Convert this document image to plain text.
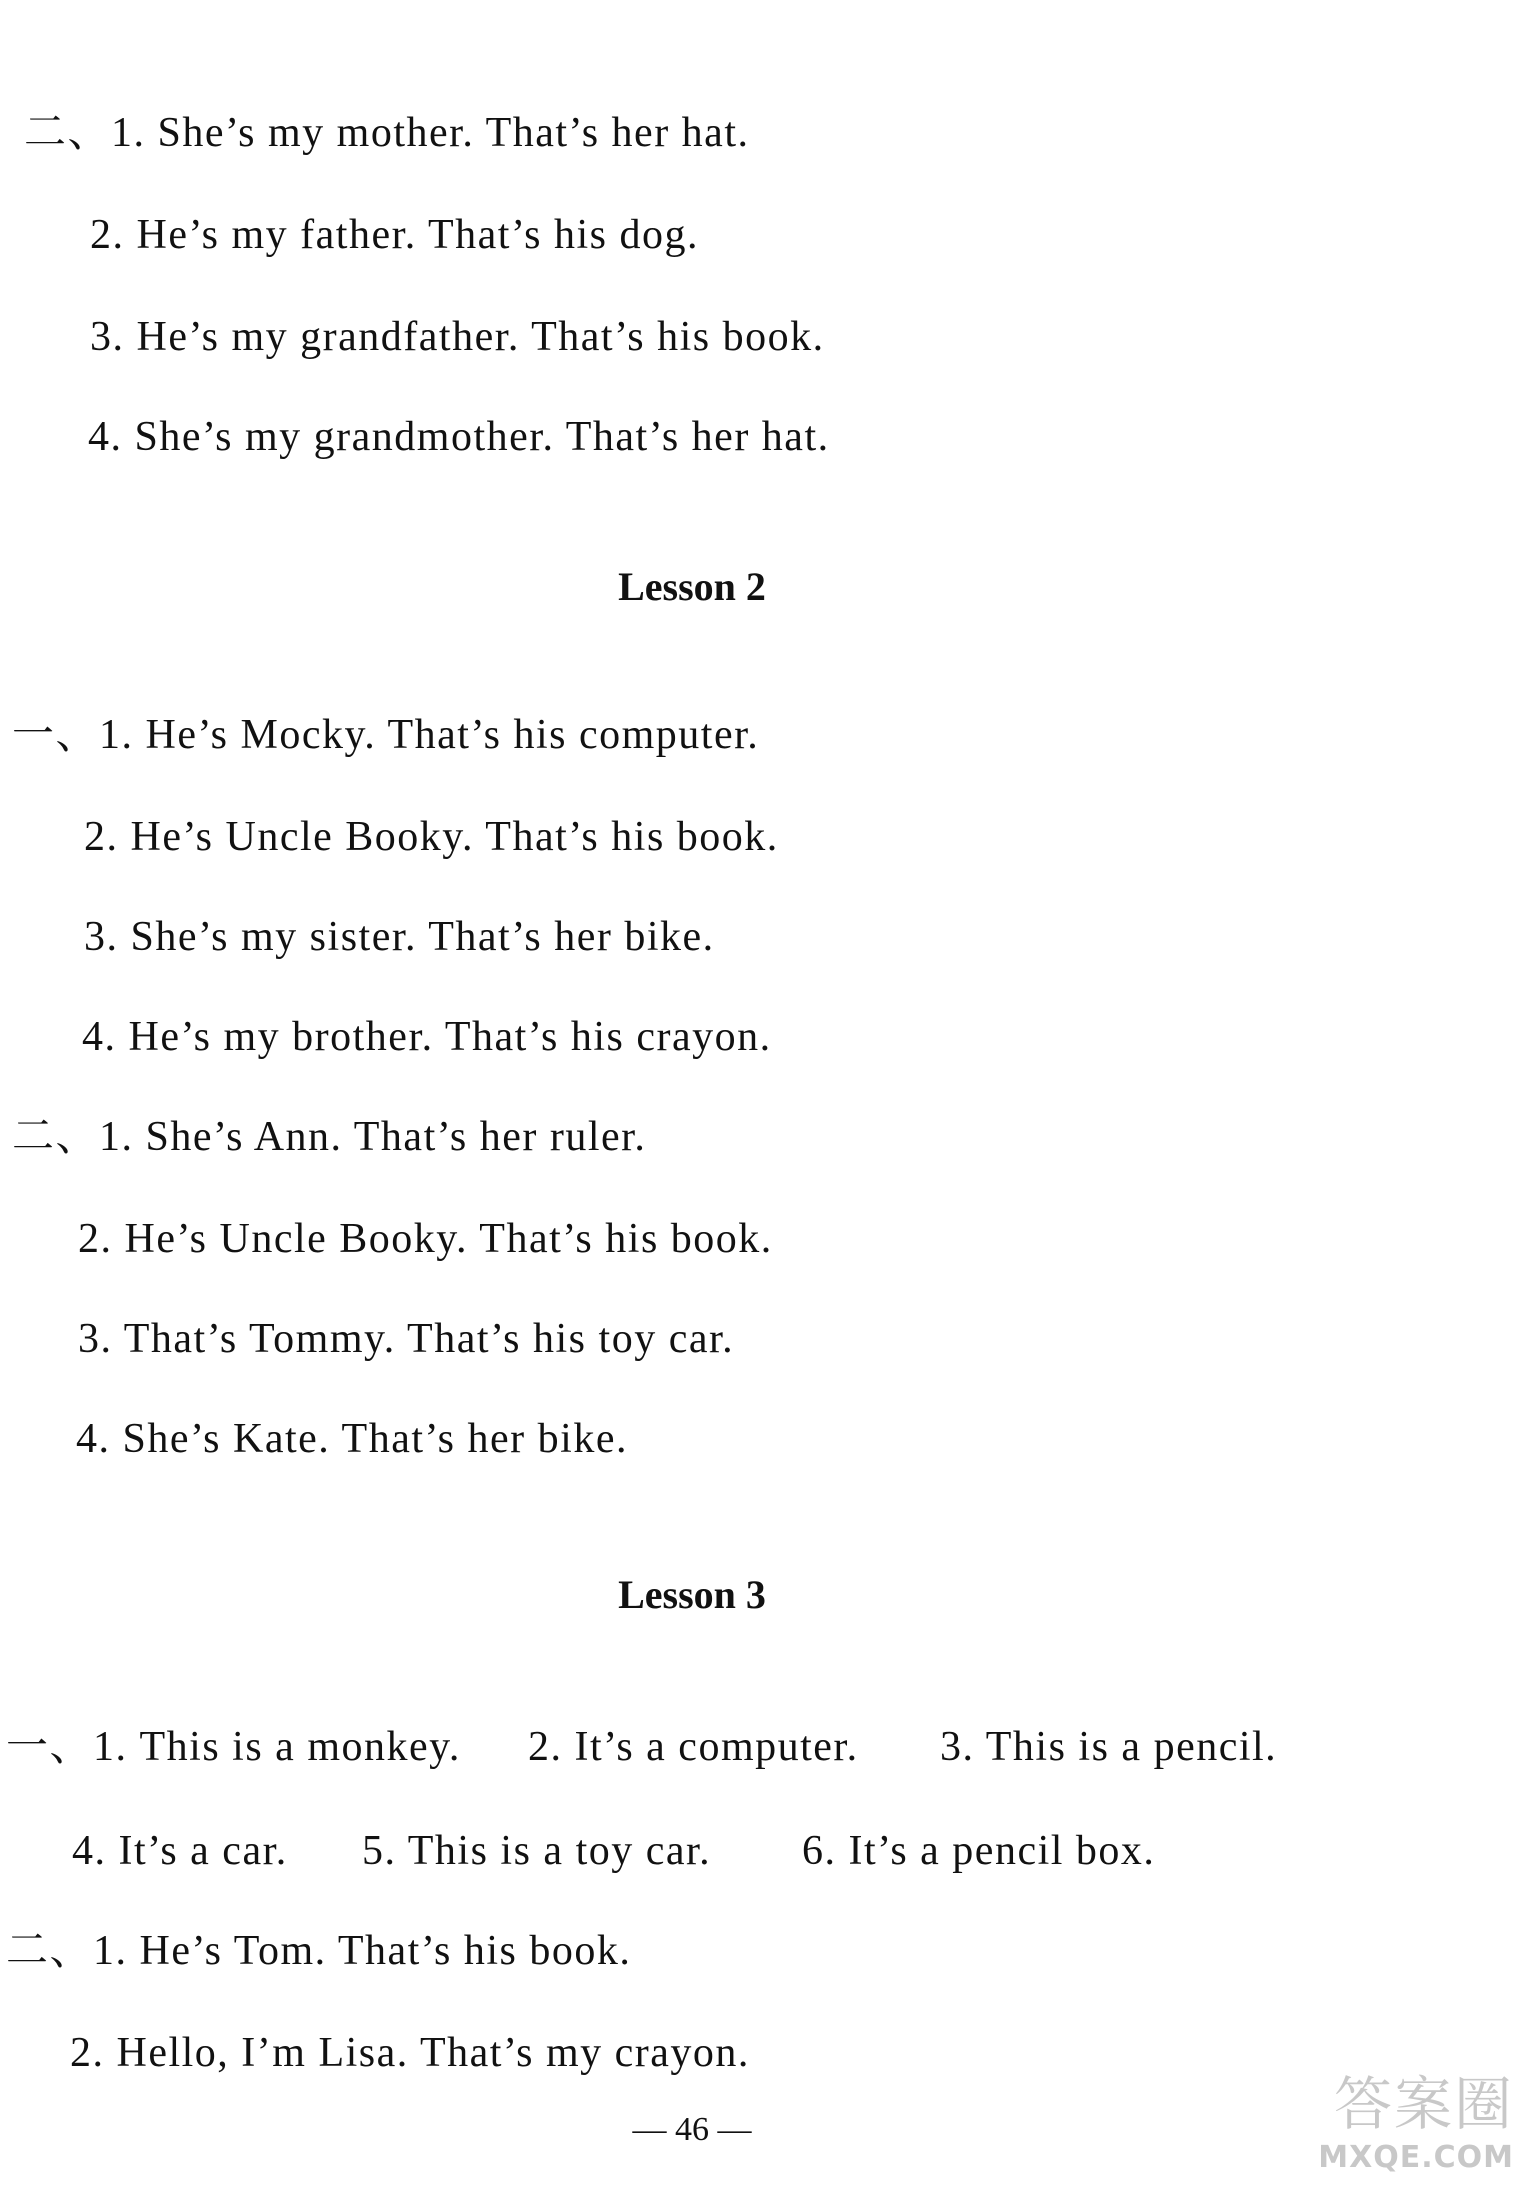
二、1. She’s my mother. That’s her hat.
2. He’s my father. That’s his dog.
3. He’s my grandfather. That’s his book.
4. She’s my grandmother. That’s her hat.
Lesson 2
一、1. He’s Mocky. That’s his computer.
2. He’s Uncle Booky. That’s his book.
3. She’s my sister. That’s her bike.
4. He’s my brother. That’s his crayon.
二、1. She’s Ann. That’s her ruler.
2. He’s Uncle Booky. That’s his book.
3. That’s Tommy. That’s his toy car.
4. She’s Kate. That’s her bike.
Lesson 3
一、1. This is a monkey. 2. It’s a computer. 3. This is a pencil.
4. It’s a car. 5. This is a toy car. 6. It’s a pencil box.
二、1. He’s Tom. That’s his book.
2. Hello, I’m Lisa. That’s my crayon.
— 46 —	答案圈
MXQE.COM
